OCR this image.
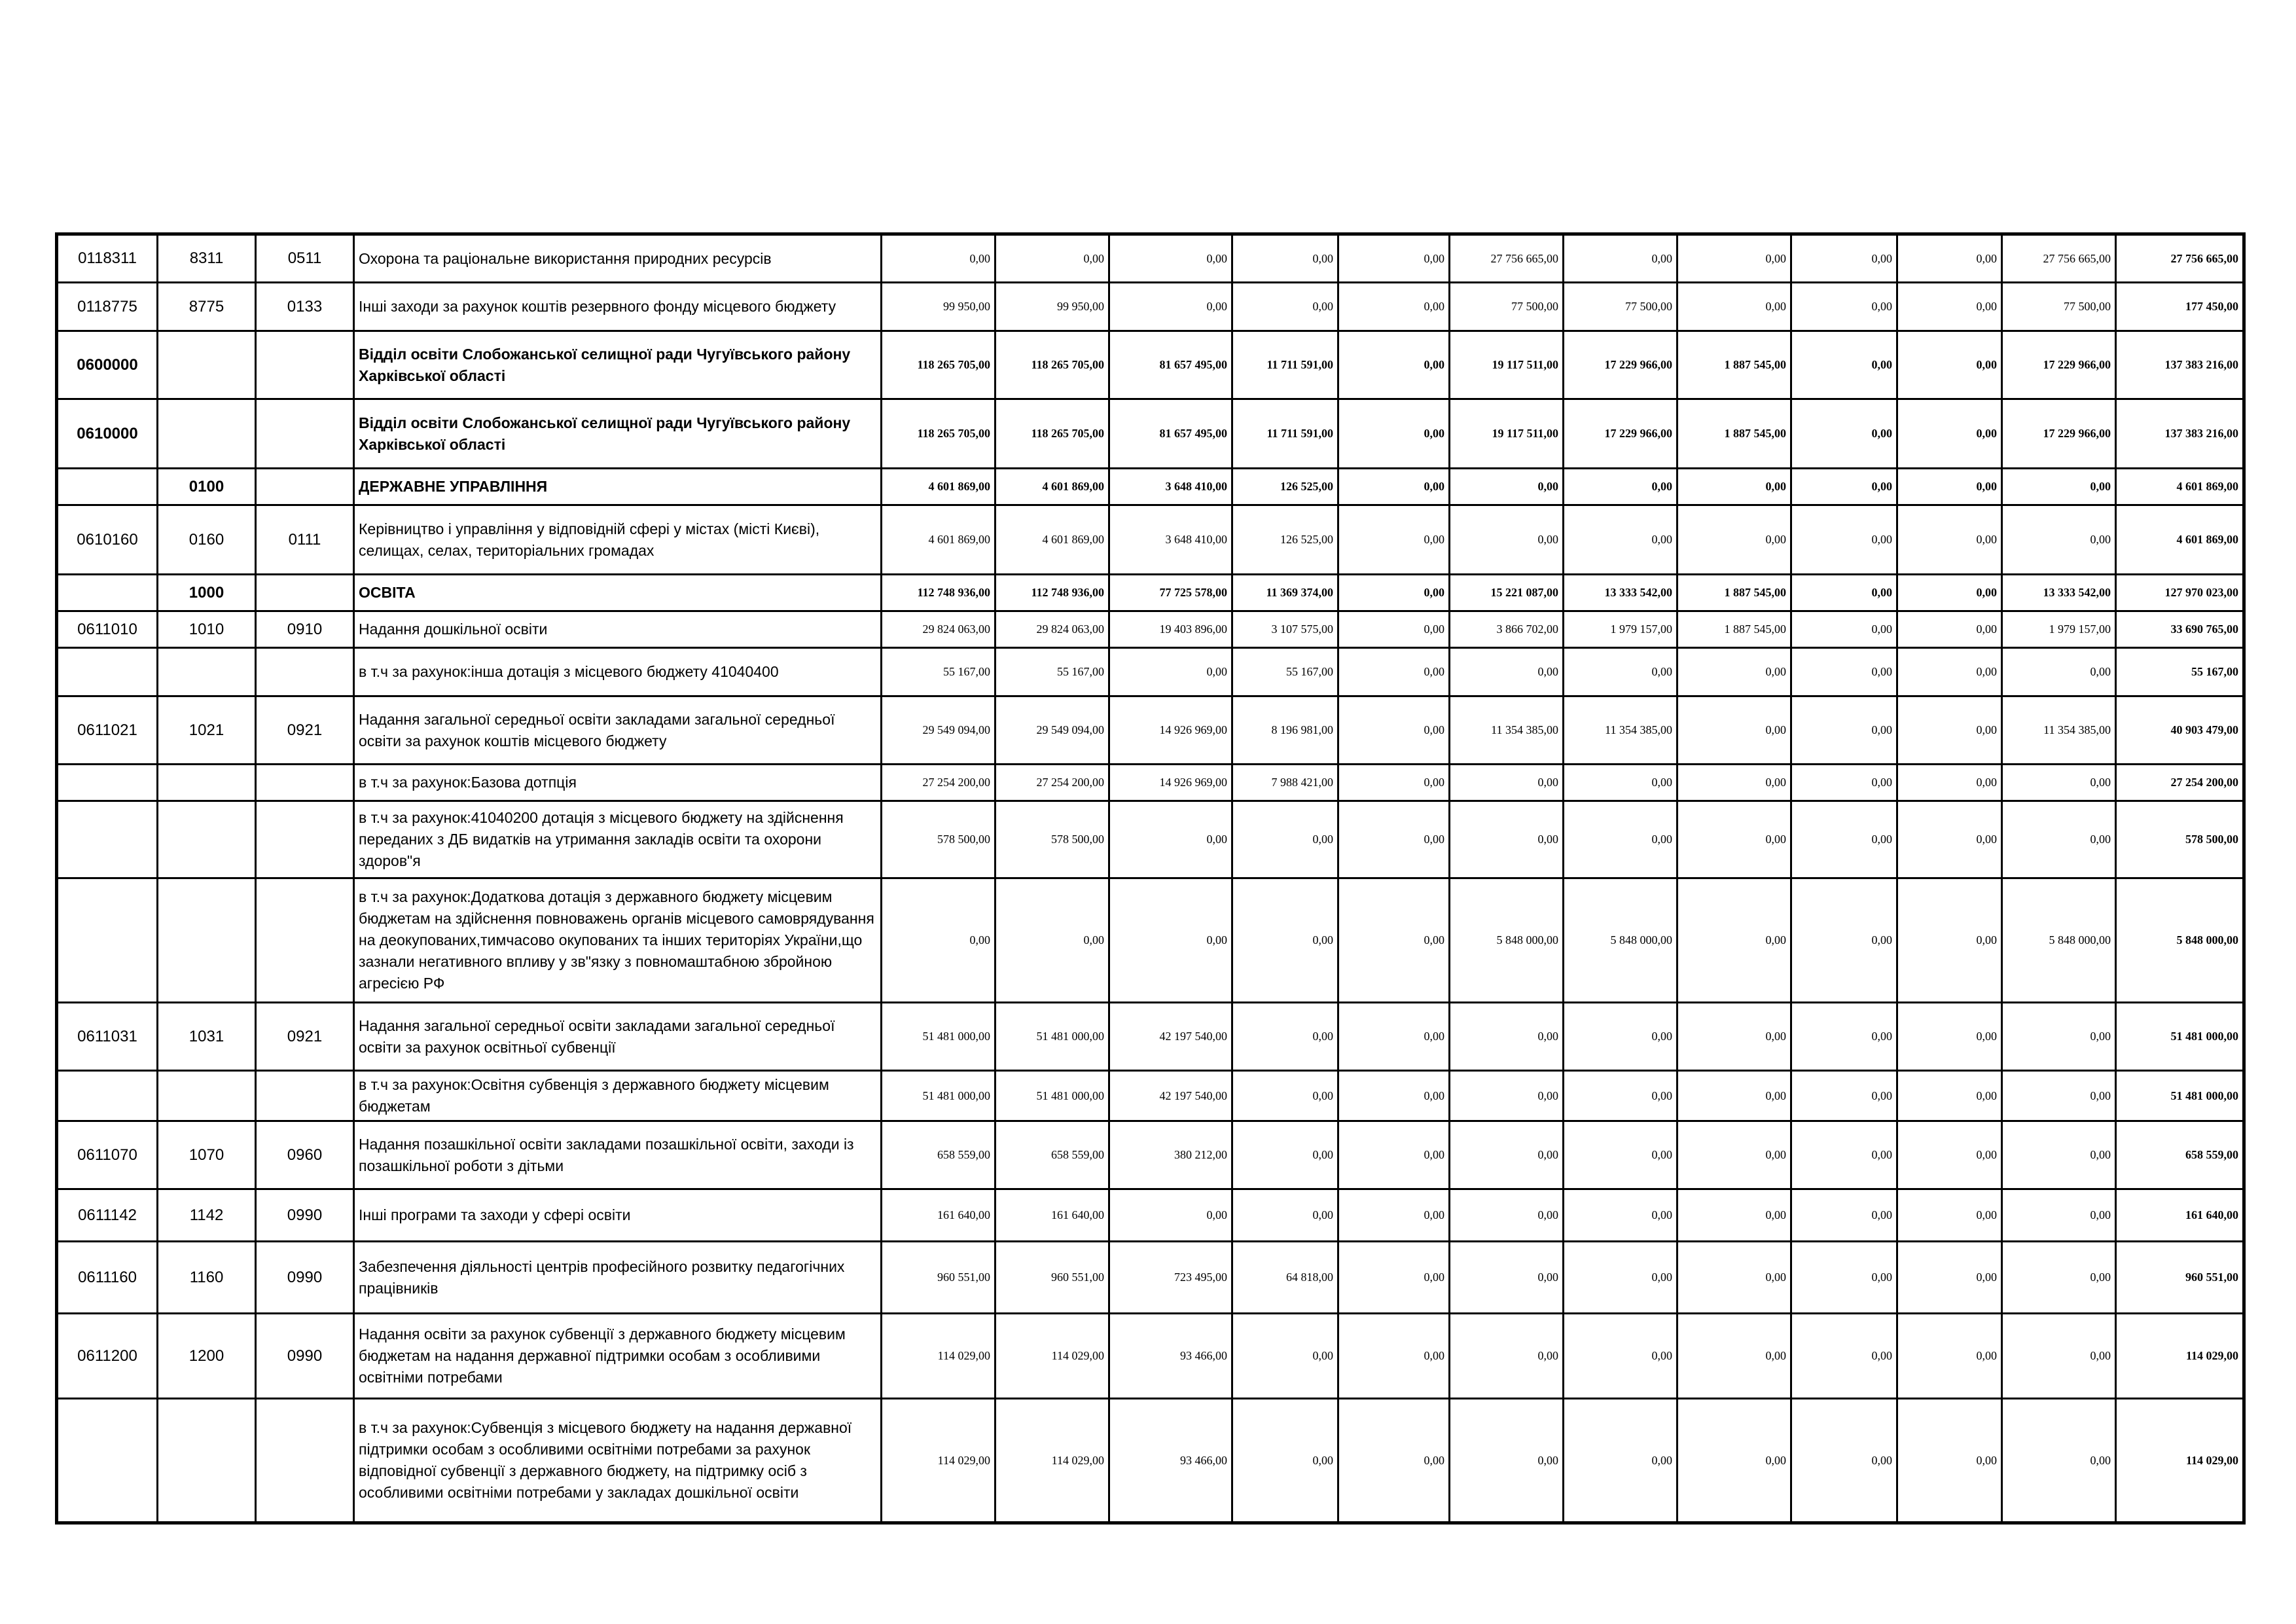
0118311	8311	0511	Охорона та раціональне використання природних ресурсів	0,00	0,00	0,00	0,00	0,00	27 756 665,00	0,00	0,00	0,00	0,00	27 756 665,00	27 756 665,00
0118775	8775	0133	Інші заходи за рахунок коштів резервного фонду місцевого бюджету	99 950,00	99 950,00	0,00	0,00	0,00	77 500,00	77 500,00	0,00	0,00	0,00	77 500,00	177 450,00
0600000			Відділ освіти Слобожанської селищної ради Чугуївського району Харківської області	118 265 705,00	118 265 705,00	81 657 495,00	11 711 591,00	0,00	19 117 511,00	17 229 966,00	1 887 545,00	0,00	0,00	17 229 966,00	137 383 216,00
0610000			Відділ освіти Слобожанської селищної ради Чугуївського району Харківської області	118 265 705,00	118 265 705,00	81 657 495,00	11 711 591,00	0,00	19 117 511,00	17 229 966,00	1 887 545,00	0,00	0,00	17 229 966,00	137 383 216,00
	0100		ДЕРЖАВНЕ УПРАВЛІННЯ	4 601 869,00	4 601 869,00	3 648 410,00	126 525,00	0,00	0,00	0,00	0,00	0,00	0,00	0,00	4 601 869,00
0610160	0160	0111	Керівництво і управління у відповідній сфері у містах (місті Києві), селищах, селах, територіальних громадах	4 601 869,00	4 601 869,00	3 648 410,00	126 525,00	0,00	0,00	0,00	0,00	0,00	0,00	0,00	4 601 869,00
	1000		ОСВІТА	112 748 936,00	112 748 936,00	77 725 578,00	11 369 374,00	0,00	15 221 087,00	13 333 542,00	1 887 545,00	0,00	0,00	13 333 542,00	127 970 023,00
0611010	1010	0910	Надання дошкільної освіти	29 824 063,00	29 824 063,00	19 403 896,00	3 107 575,00	0,00	3 866 702,00	1 979 157,00	1 887 545,00	0,00	0,00	1 979 157,00	33 690 765,00
			в т.ч за рахунок:інша дотація з місцевого бюджету 41040400	55 167,00	55 167,00	0,00	55 167,00	0,00	0,00	0,00	0,00	0,00	0,00	0,00	55 167,00
0611021	1021	0921	Надання загальної середньої освіти закладами загальної середньої освіти за рахунок коштів місцевого бюджету	29 549 094,00	29 549 094,00	14 926 969,00	8 196 981,00	0,00	11 354 385,00	11 354 385,00	0,00	0,00	0,00	11 354 385,00	40 903 479,00
			в т.ч за рахунок:Базова дотпція	27 254 200,00	27 254 200,00	14 926 969,00	7 988 421,00	0,00	0,00	0,00	0,00	0,00	0,00	0,00	27 254 200,00
			в т.ч за рахунок:41040200 дотація з місцевого бюджету на здійснення переданих з ДБ видатків на утримання закладів освіти та охорони здоров"я	578 500,00	578 500,00	0,00	0,00	0,00	0,00	0,00	0,00	0,00	0,00	0,00	578 500,00
			в т.ч за рахунок:Додаткова дотація з державного бюджету місцевим бюджетам на здійснення повноважень органів місцевого самоврядування на деокупованих,тимчасово окупованих та інших територіях України,що зазнали негативного впливу у зв"язку з повномаштабною збройною агресією РФ	0,00	0,00	0,00	0,00	0,00	5 848 000,00	5 848 000,00	0,00	0,00	0,00	5 848 000,00	5 848 000,00
0611031	1031	0921	Надання загальної середньої освіти закладами загальної середньої освіти за рахунок освітньої субвенції	51 481 000,00	51 481 000,00	42 197 540,00	0,00	0,00	0,00	0,00	0,00	0,00	0,00	0,00	51 481 000,00
			в т.ч за рахунок:Освітня субвенція з державного бюджету місцевим бюджетам	51 481 000,00	51 481 000,00	42 197 540,00	0,00	0,00	0,00	0,00	0,00	0,00	0,00	0,00	51 481 000,00
0611070	1070	0960	Надання позашкільної освіти закладами позашкільної освіти, заходи із позашкільної роботи з дітьми	658 559,00	658 559,00	380 212,00	0,00	0,00	0,00	0,00	0,00	0,00	0,00	0,00	658 559,00
0611142	1142	0990	Інші програми та заходи у сфері освіти	161 640,00	161 640,00	0,00	0,00	0,00	0,00	0,00	0,00	0,00	0,00	0,00	161 640,00
0611160	1160	0990	Забезпечення діяльності центрів професійного розвитку педагогічних працівників	960 551,00	960 551,00	723 495,00	64 818,00	0,00	0,00	0,00	0,00	0,00	0,00	0,00	960 551,00
0611200	1200	0990	Надання освіти за рахунок субвенції з державного бюджету місцевим бюджетам на надання державної підтримки особам з особливими освітніми потребами	114 029,00	114 029,00	93 466,00	0,00	0,00	0,00	0,00	0,00	0,00	0,00	0,00	114 029,00
			в т.ч за рахунок:Субвенція з місцевого бюджету на надання державної підтримки особам з особливими освітніми потребами за рахунок відповідної субвенції з державного бюджету, на підтримку осіб з особливими освітніми потребами у закладах дошкільної освіти	114 029,00	114 029,00	93 466,00	0,00	0,00	0,00	0,00	0,00	0,00	0,00	0,00	114 029,00
